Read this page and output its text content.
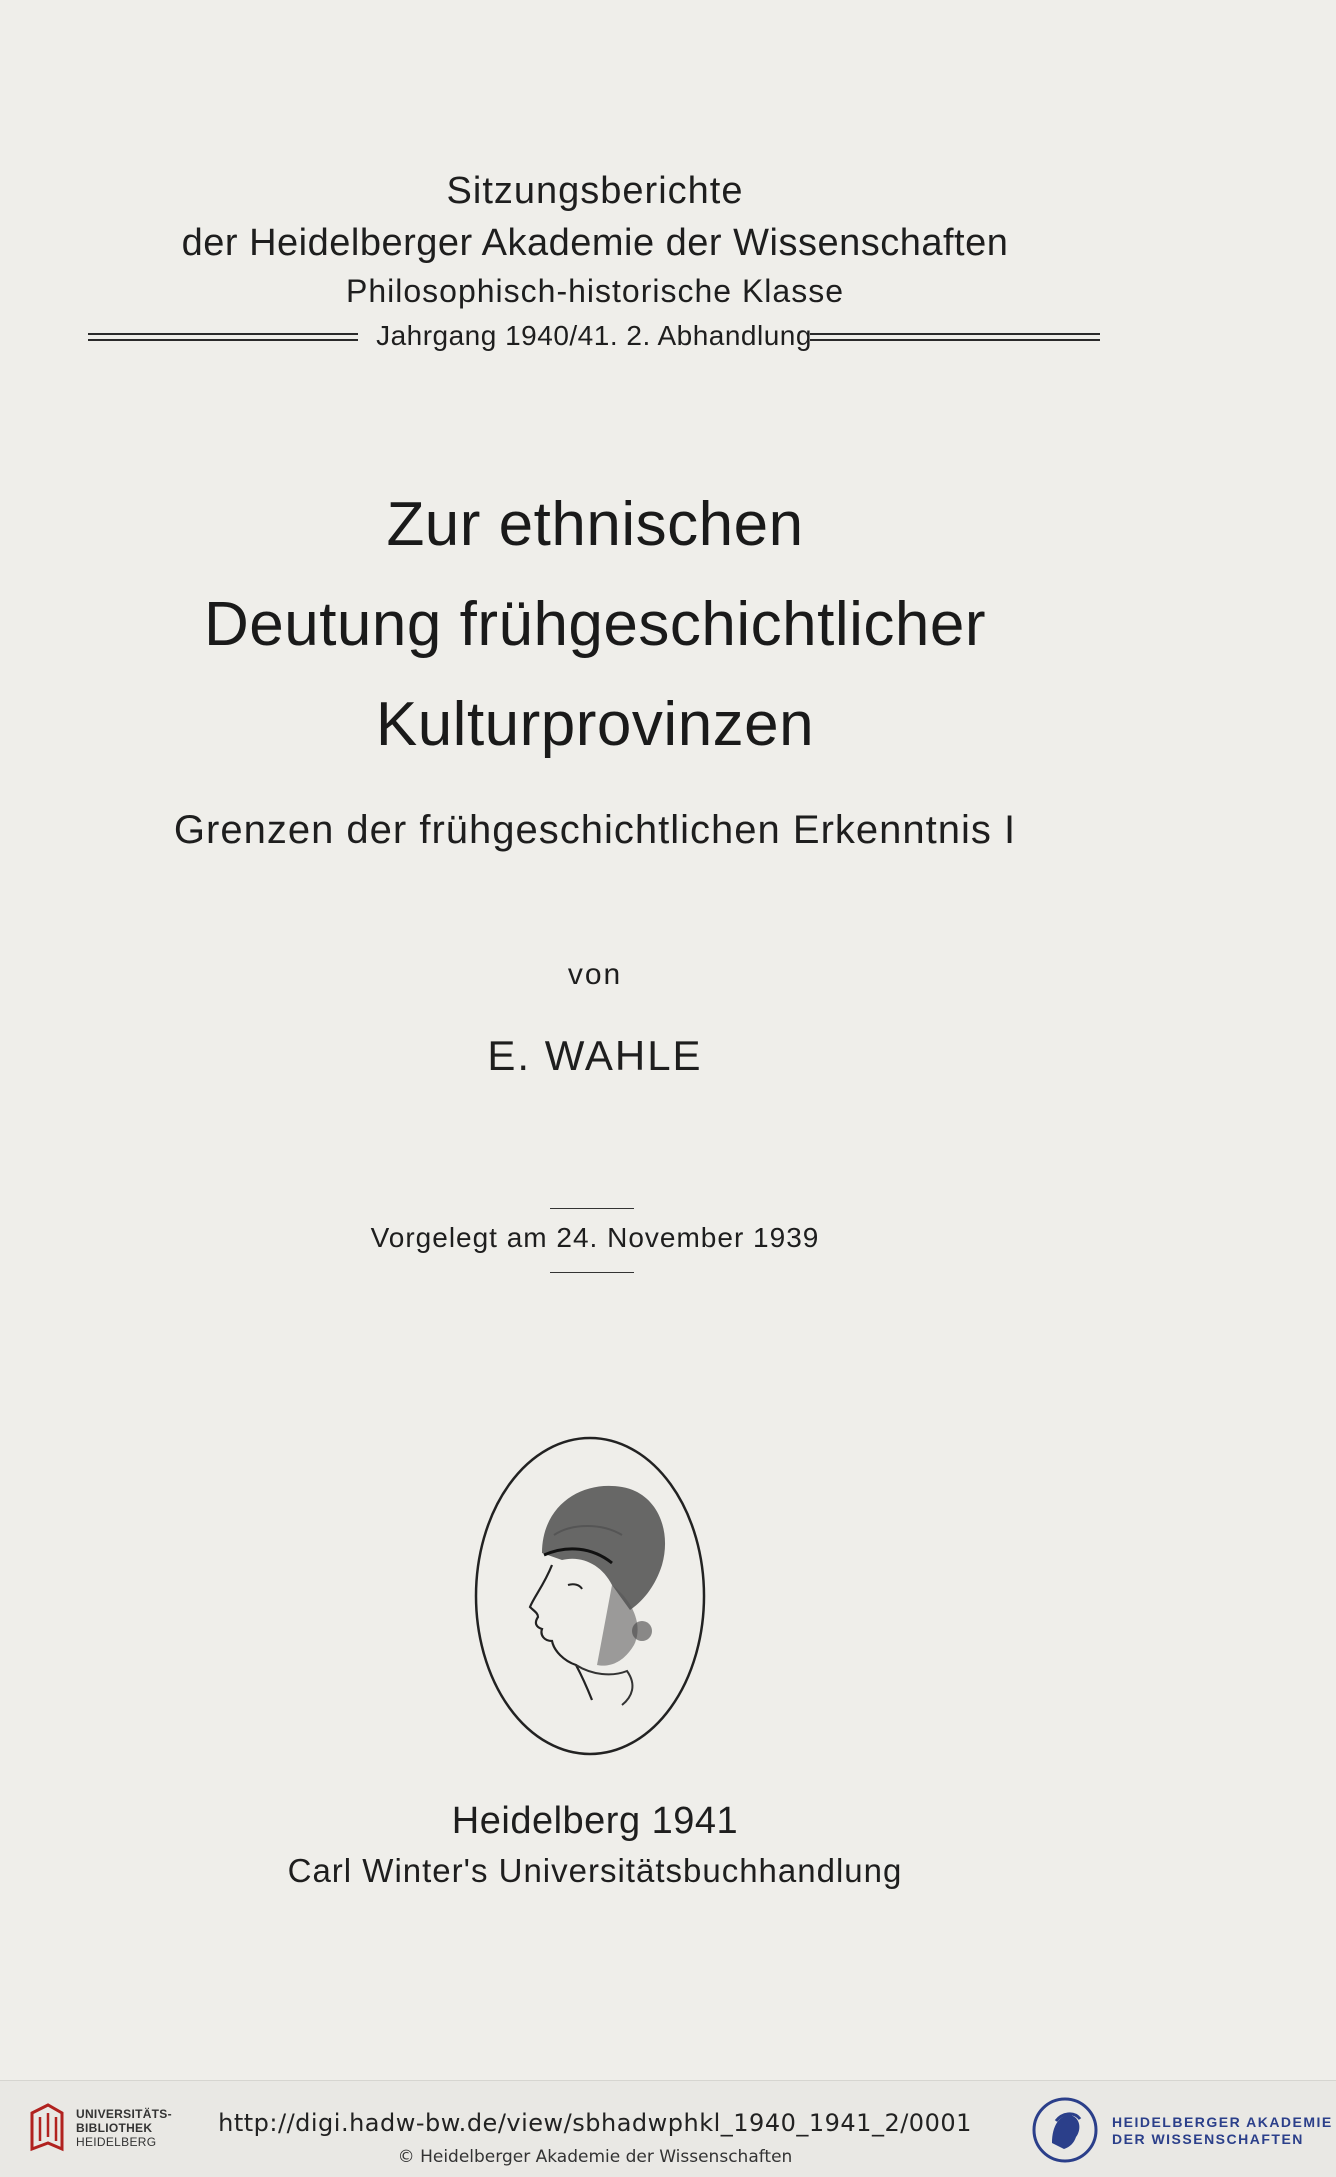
Sitzungsberichte
der Heidelberger Akademie der Wissenschaften
Philosophisch-historische Klasse
Jahrgang 1940/41. 2. Abhandlung
Zur ethnischen
Deutung frühgeschichtlicher
Kulturprovinzen
Grenzen der frühgeschichtlichen Erkenntnis I
von
E. WAHLE
Vorgelegt am 24. November 1939
Heidelberg 1941
Carl Winter's Universitätsbuchhandlung
UNIVERSITÄTS-
BIBLIOTHEK
HEIDELBERG
http://digi.hadw-bw.de/view/sbhadwphkl_1940_1941_2/0001
© Heidelberger Akademie der Wissenschaften
HEIDELBERGER AKADEMIE
DER WISSENSCHAFTEN
